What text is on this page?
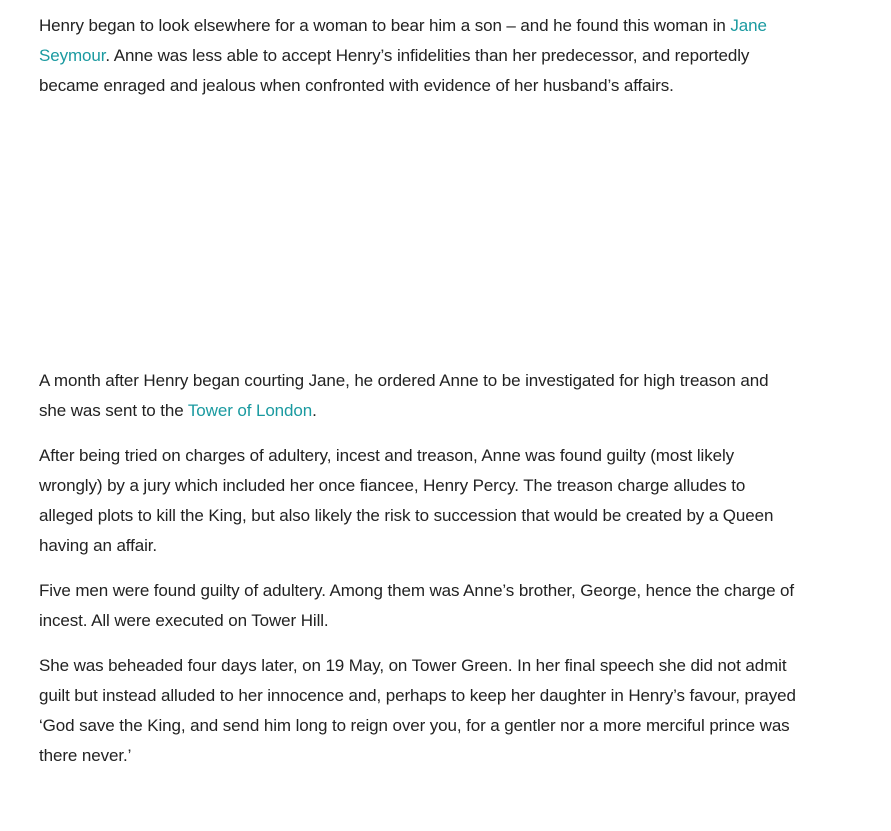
Henry began to look elsewhere for a woman to bear him a son – and he found this woman in Jane Seymour. Anne was less able to accept Henry’s infidelities than her predecessor, and reportedly became enraged and jealous when confronted with evidence of her husband’s affairs.

A month after Henry began courting Jane, he ordered Anne to be investigated for high treason and she was sent to the Tower of London.

After being tried on charges of adultery, incest and treason, Anne was found guilty (most likely wrongly) by a jury which included her once fiancee, Henry Percy. The treason charge alludes to alleged plots to kill the King, but also likely the risk to succession that would be created by a Queen having an affair.

Five men were found guilty of adultery. Among them was Anne’s brother, George, hence the charge of incest. All were executed on Tower Hill.

She was beheaded four days later, on 19 May, on Tower Green. In her final speech she did not admit guilt but instead alluded to her innocence and, perhaps to keep her daughter in Henry’s favour, prayed ‘God save the King, and send him long to reign over you, for a gentler nor a more merciful prince was there never.’
